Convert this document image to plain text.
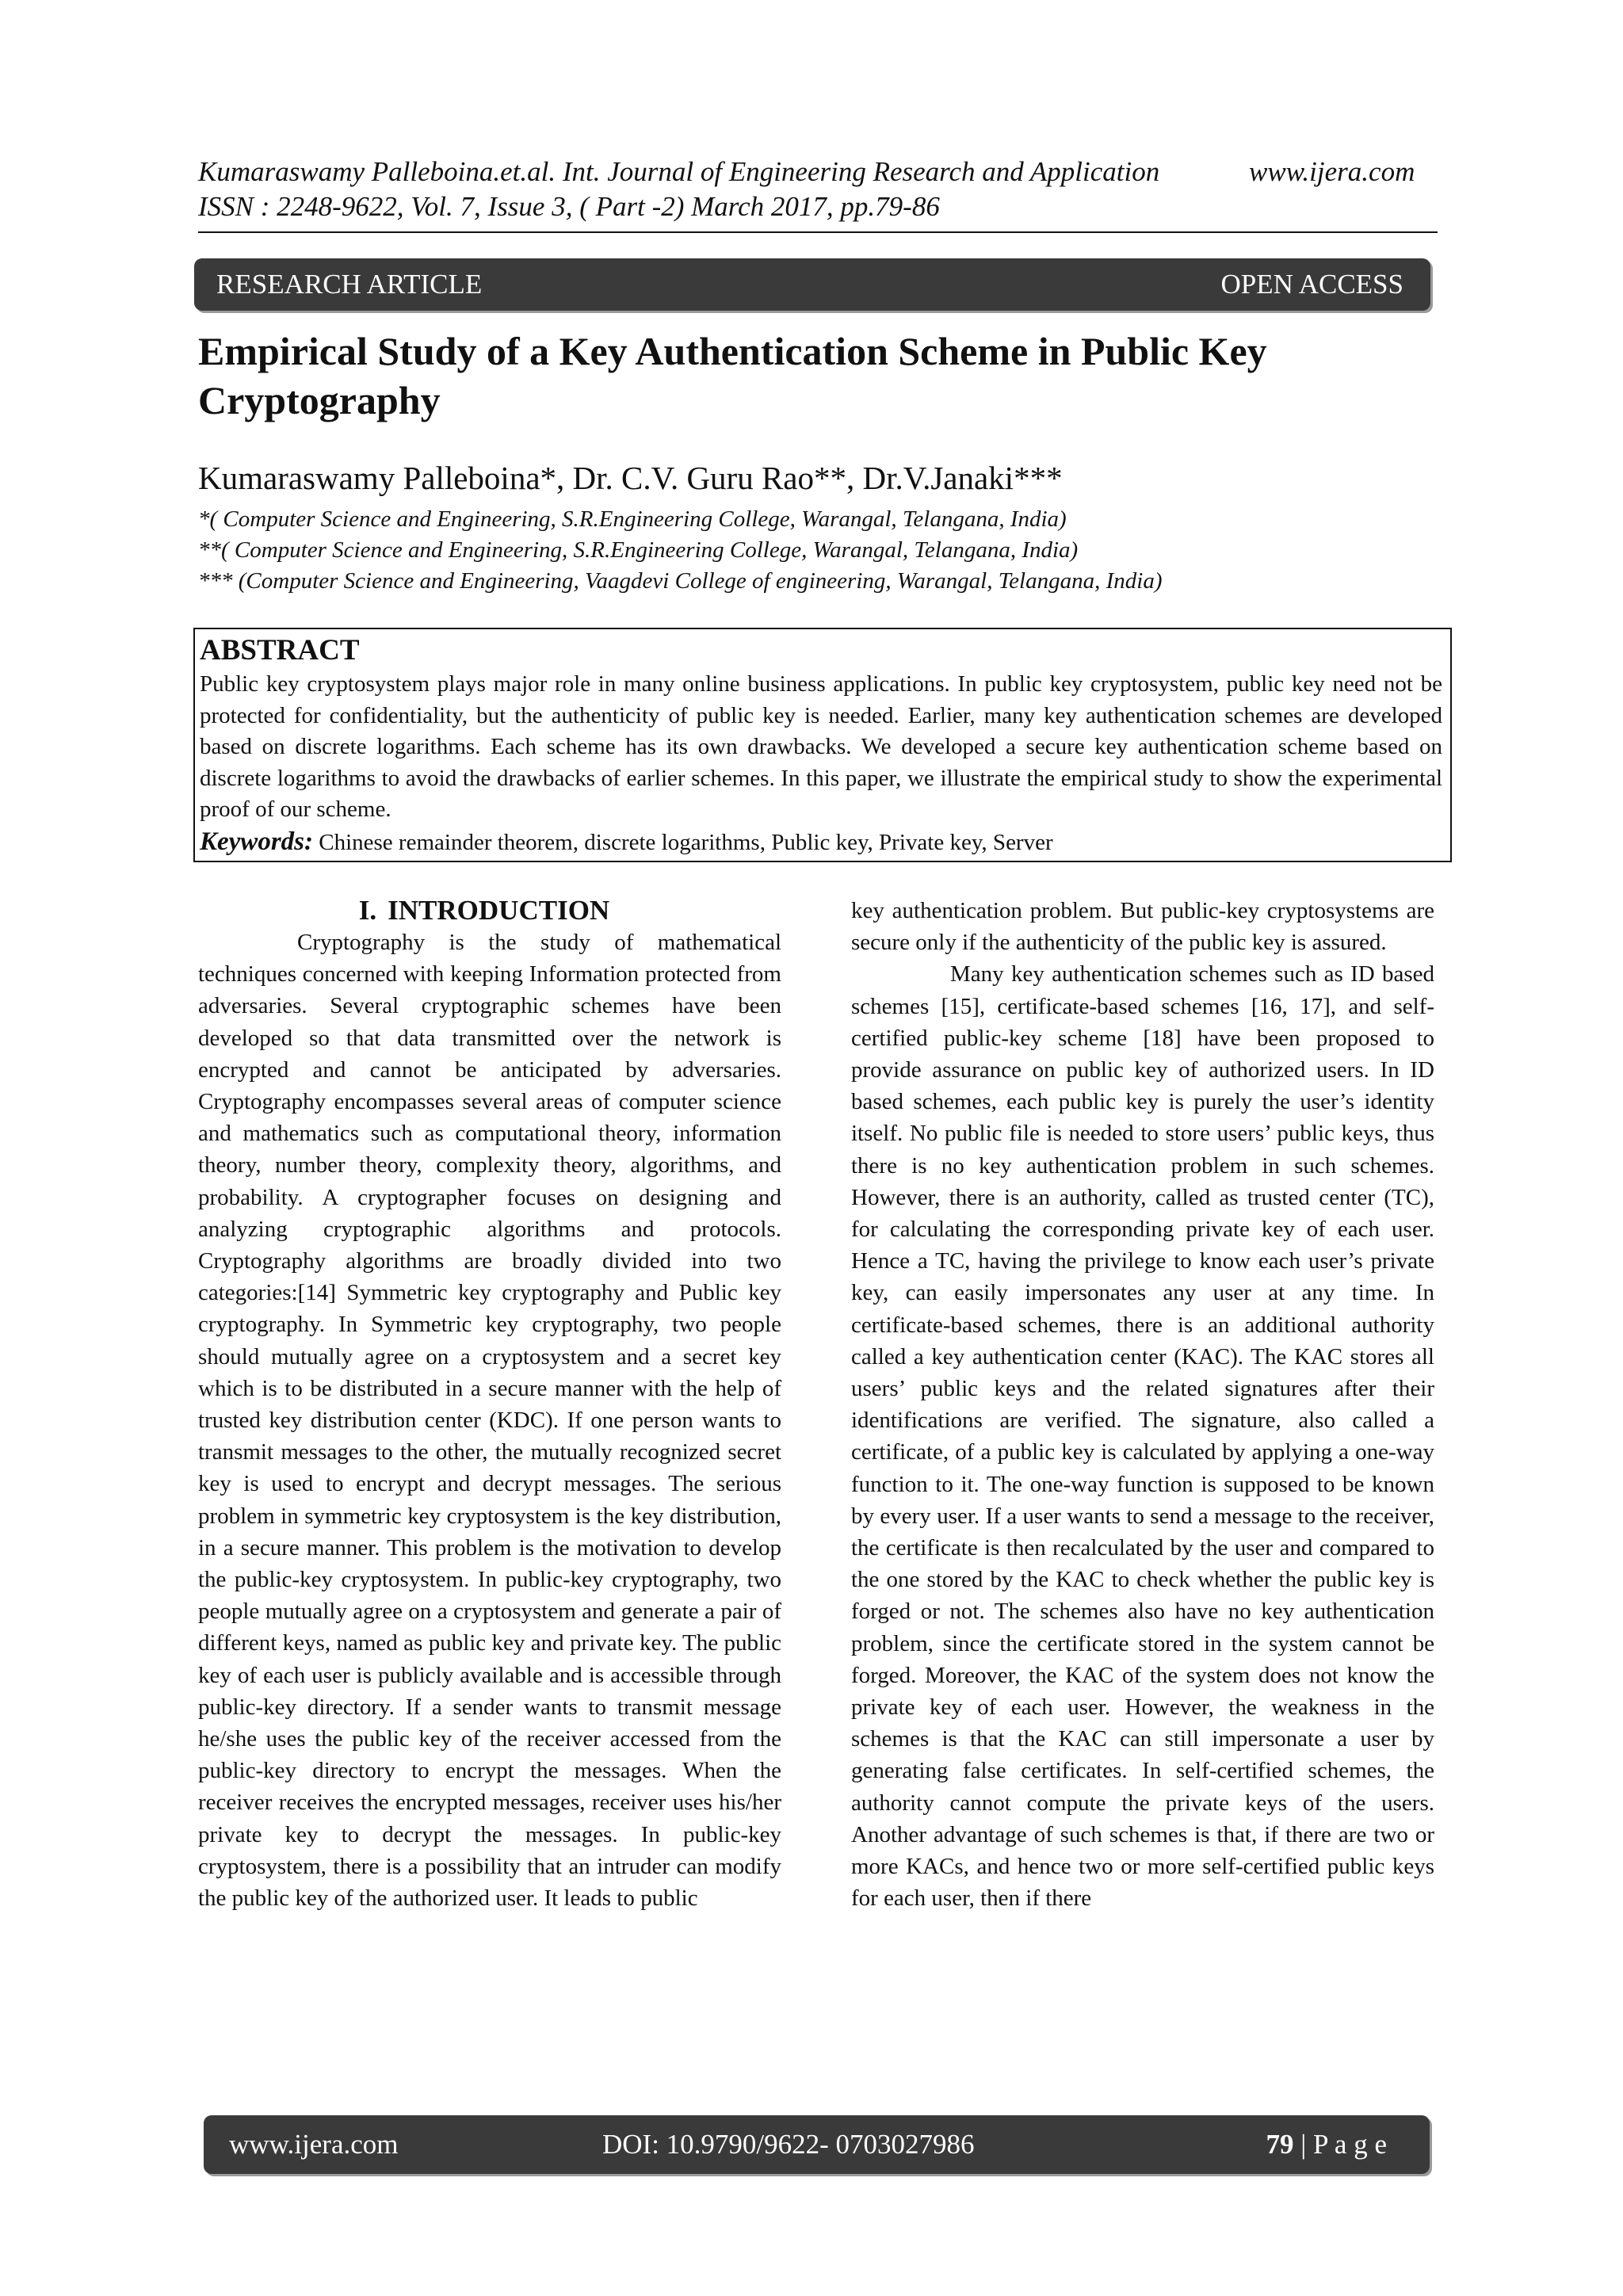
Kumaraswamy Palleboina.et.al. Int. Journal of Engineering Research and Application	www.ijera.com
ISSN : 2248-9622, Vol. 7, Issue 3, ( Part -2) March 2017, pp.79-86
RESEARCH ARTICLE	OPEN ACCESS
Empirical Study of a Key Authentication Scheme in Public Key Cryptography
Kumaraswamy Palleboina*, Dr. C.V. Guru Rao**, Dr.V.Janaki***
*( Computer Science and Engineering, S.R.Engineering College, Warangal, Telangana, India)
**( Computer Science and Engineering, S.R.Engineering College, Warangal, Telangana, India)
*** (Computer Science and Engineering, Vaagdevi College of engineering, Warangal, Telangana, India)
ABSTRACT
Public key cryptosystem plays major role in many online business applications. In public key cryptosystem, public key need not be protected for confidentiality, but the authenticity of public key is needed. Earlier, many key authentication schemes are developed based on discrete logarithms. Each scheme has its own drawbacks. We developed a secure key authentication scheme based on discrete logarithms to avoid the drawbacks of earlier schemes. In this paper, we illustrate the empirical study to show the experimental proof of our scheme.
Keywords: Chinese remainder theorem, discrete logarithms, Public key, Private key, Server
I. INTRODUCTION

Cryptography is the study of mathematical techniques concerned with keeping Information protected from adversaries. Several cryptographic schemes have been developed so that data transmitted over the network is encrypted and cannot be anticipated by adversaries. Cryptography encompasses several areas of computer science and mathematics such as computational theory, information theory, number theory, complexity theory, algorithms, and probability. A cryptographer focuses on designing and analyzing cryptographic algorithms and protocols. Cryptography algorithms are broadly divided into two categories:[14] Symmetric key cryptography and Public key cryptography. In Symmetric key cryptography, two people should mutually agree on a cryptosystem and a secret key which is to be distributed in a secure manner with the help of trusted key distribution center (KDC). If one person wants to transmit messages to the other, the mutually recognized secret key is used to encrypt and decrypt messages. The serious problem in symmetric key cryptosystem is the key distribution, in a secure manner. This problem is the motivation to develop the public-key cryptosystem. In public-key cryptography, two people mutually agree on a cryptosystem and generate a pair of different keys, named as public key and private key. The public key of each user is publicly available and is accessible through public-key directory. If a sender wants to transmit message he/she uses the public key of the receiver accessed from the public-key directory to encrypt the messages. When the receiver receives the encrypted messages, receiver uses his/her private key to decrypt the messages. In public-key cryptosystem, there is a possibility that an intruder can modify the public key of the authorized user. It leads to public

key authentication problem. But public-key cryptosystems are secure only if the authenticity of the public key is assured.

Many key authentication schemes such as ID based schemes [15], certificate-based schemes [16, 17], and self-certified public-key scheme [18] have been proposed to provide assurance on public key of authorized users. In ID based schemes, each public key is purely the user’s identity itself. No public file is needed to store users’ public keys, thus there is no key authentication problem in such schemes. However, there is an authority, called as trusted center (TC), for calculating the corresponding private key of each user. Hence a TC, having the privilege to know each user’s private key, can easily impersonates any user at any time. In certificate-based schemes, there is an additional authority called a key authentication center (KAC). The KAC stores all users’ public keys and the related signatures after their identifications are verified. The signature, also called a certificate, of a public key is calculated by applying a one-way function to it. The one-way function is supposed to be known by every user. If a user wants to send a message to the receiver, the certificate is then recalculated by the user and compared to the one stored by the KAC to check whether the public key is forged or not. The schemes also have no key authentication problem, since the certificate stored in the system cannot be forged. Moreover, the KAC of the system does not know the private key of each user. However, the weakness in the schemes is that the KAC can still impersonate a user by generating false certificates. In self-certified schemes, the authority cannot compute the private keys of the users. Another advantage of such schemes is that, if there are two or more KACs, and hence two or more self-certified public keys for each user, then if there

www.ijera.com	DOI: 10.9790/9622- 0703027986	79 | P a g e
